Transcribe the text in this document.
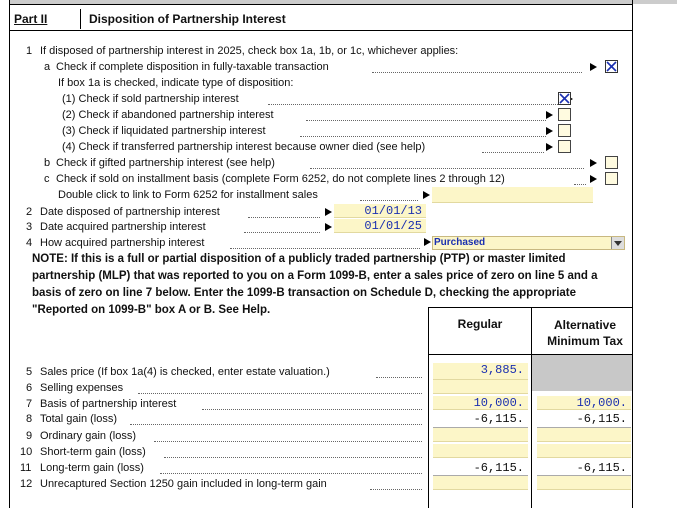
Part II	Disposition of Partnership Interest
1 If disposed of partnership interest in 2025, check box 1a, 1b, or 1c, whichever applies:
a Check if complete disposition in fully-taxable transaction
If box 1a is checked, indicate type of disposition:
(1) Check if sold partnership interest
(2) Check if abandoned partnership interest
(3) Check if liquidated partnership interest
(4) Check if transferred partnership interest because owner died (see help)
b Check if gifted partnership interest (see help)
c Check if sold on installment basis (complete Form 6252, do not complete lines 2 through 12)
Double click to link to Form 6252 for installment sales
2 Date disposed of partnership interest	01/01/13
3 Date acquired partnership interest	01/01/25
4 How acquired partnership interest	Purchased
NOTE: If this is a full or partial disposition of a publicly traded partnership (PTP) or master limited partnership (MLP) that was reported to you on a Form 1099-B, enter a sales price of zero on line 5 and a basis of zero on line 7 below. Enter the 1099-B transaction on Schedule D, checking the appropriate "Reported on 1099-B" box A or B. See Help.
Regular	Alternative Minimum Tax
5 Sales price (If box 1a(4) is checked, enter estate valuation.)	3,885.
6 Selling expenses
7 Basis of partnership interest	10,000.	10,000.
8 Total gain (loss)	-6,115.	-6,115.
9 Ordinary gain (loss)
10 Short-term gain (loss)
11 Long-term gain (loss)	-6,115.	-6,115.
12 Unrecaptured Section 1250 gain included in long-term gain
